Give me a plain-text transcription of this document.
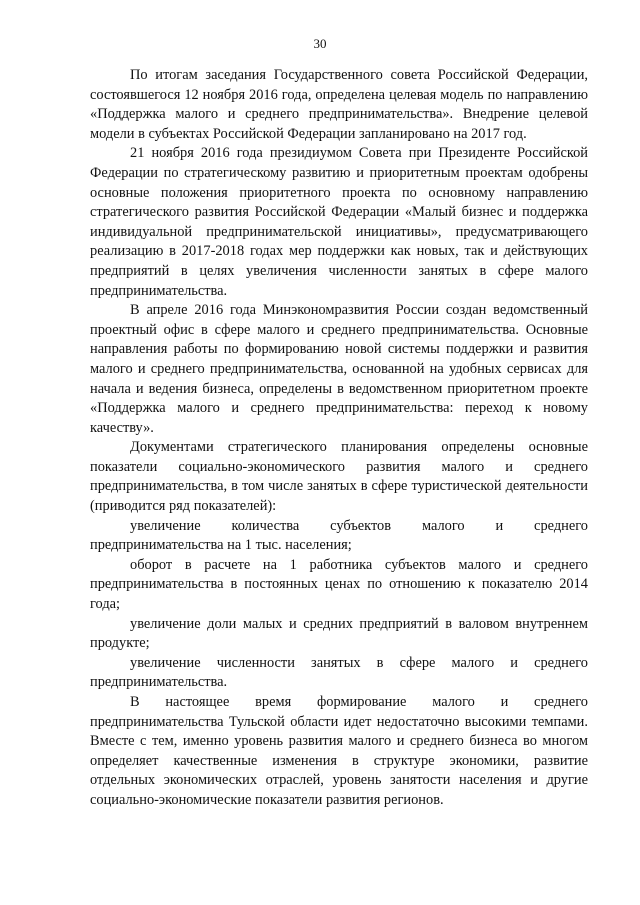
30

По итогам заседания Государственного совета Российской Федерации, состоявшегося 12 ноября 2016 года, определена целевая модель по направлению «Поддержка малого и среднего предпринимательства». Внедрение целевой модели в субъектах Российской Федерации запланировано на 2017 год.

21 ноября 2016 года президиумом Совета при Президенте Российской Федерации по стратегическому развитию и приоритетным проектам одобрены основные положения приоритетного проекта по основному направлению стратегического развития Российской Федерации «Малый бизнес и поддержка индивидуальной предпринимательской инициативы», предусматривающего реализацию в 2017-2018 годах мер поддержки как новых, так и действующих предприятий в целях увеличения численности занятых в сфере малого предпринимательства.

В апреле 2016 года Минэкономразвития России создан ведомственный проектный офис в сфере малого и среднего предпринимательства. Основные направления работы по формированию новой системы поддержки и развития малого и среднего предпринимательства, основанной на удобных сервисах для начала и ведения бизнеса, определены в ведомственном приоритетном проекте «Поддержка малого и среднего предпринимательства: переход к новому качеству».

Документами стратегического планирования определены основные показатели социально-экономического развития малого и среднего предпринимательства, в том числе занятых в сфере туристической деятельности (приводится ряд показателей):

увеличение количества субъектов малого и среднего предпринимательства на 1 тыс. населения;

оборот в расчете на 1 работника субъектов малого и среднего предпринимательства в постоянных ценах по отношению к показателю 2014 года;

увеличение доли малых и средних предприятий в валовом внутреннем продукте;

увеличение численности занятых в сфере малого и среднего предпринимательства.

В настоящее время формирование малого и среднего предпринимательства Тульской области идет недостаточно высокими темпами. Вместе с тем, именно уровень развития малого и среднего бизнеса во многом определяет качественные изменения в структуре экономики, развитие отдельных экономических отраслей, уровень занятости населения и другие социально-экономические показатели развития регионов.
